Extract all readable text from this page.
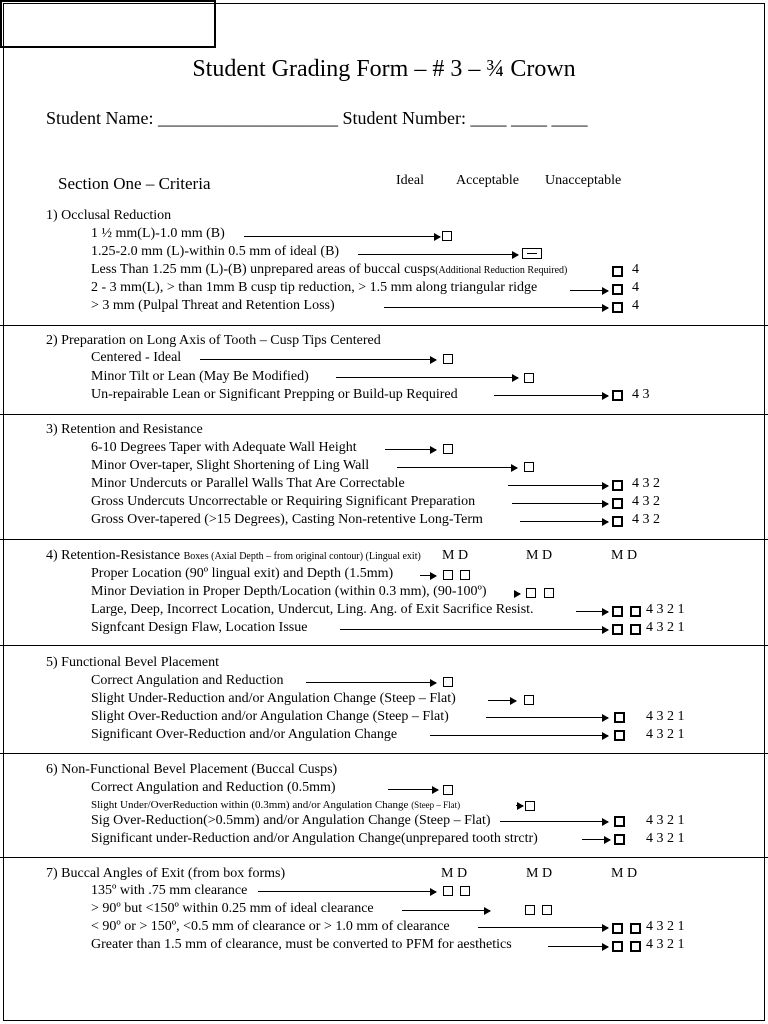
Student Grading Form – # 3 – ¾ Crown
Student Name: ____________________ Student Number: ____ ____ ____
Section One – Criteria	Ideal Acceptable Unacceptable
1) Occlusal Reduction
1 ½ mm(L)-1.0 mm (B)
1.25-2.0 mm (L)-within 0.5 mm of ideal (B)
Less Than 1.25 mm (L)-(B) unprepared areas of buccal cusps(Additional Reduction Required)	4
2 - 3 mm(L), > than 1mm B cusp tip reduction, > 1.5 mm along triangular ridge	4
> 3 mm (Pulpal Threat and Retention Loss)	4
2) Preparation on Long Axis of Tooth – Cusp Tips Centered
Centered - Ideal
Minor Tilt or Lean (May Be Modified)
Un-repairable Lean or Significant Prepping or Build-up Required	4 3
3) Retention and Resistance
6-10 Degrees Taper with Adequate Wall Height
Minor Over-taper, Slight Shortening of Ling Wall
Minor Undercuts or Parallel Walls That Are Correctable	4 3 2
Gross Undercuts Uncorrectable or Requiring Significant Preparation	4 3 2
Gross Over-tapered (>15 Degrees), Casting Non-retentive Long-Term	4 3 2
4) Retention-Resistance Boxes (Axial Depth – from original contour) (Lingual exit) M D	M D	M D
Proper Location (90º lingual exit) and Depth (1.5mm)
Minor Deviation in Proper Depth/Location (within 0.3 mm), (90-100º)
Large, Deep, Incorrect Location, Undercut, Ling. Ang. of Exit Sacrifice Resist.	4 3 2 1
Signfcant Design Flaw, Location Issue	4 3 2 1
5) Functional Bevel Placement
Correct Angulation and Reduction
Slight Under-Reduction and/or Angulation Change (Steep – Flat)
Slight Over-Reduction and/or Angulation Change (Steep – Flat)	4 3 2 1
Significant Over-Reduction and/or Angulation Change	4 3 2 1
6) Non-Functional Bevel Placement (Buccal Cusps)
Correct Angulation and Reduction (0.5mm)
Slight Under/OverReduction within (0.3mm) and/or Angulation Change (Steep – Flat)
Sig Over-Reduction(>0.5mm) and/or Angulation Change (Steep – Flat)	4 3 2 1
Significant under-Reduction and/or Angulation Change(unprepared tooth strctr)	4 3 2 1
7) Buccal Angles of Exit (from box forms)	M D	M D	M D
135º with .75 mm clearance
> 90º but <150º within 0.25 mm of ideal clearance
< 90º or > 150º, <0.5 mm of clearance or > 1.0 mm of clearance	4 3 2 1
Greater than 1.5 mm of clearance, must be converted to PFM for aesthetics	4 3 2 1
